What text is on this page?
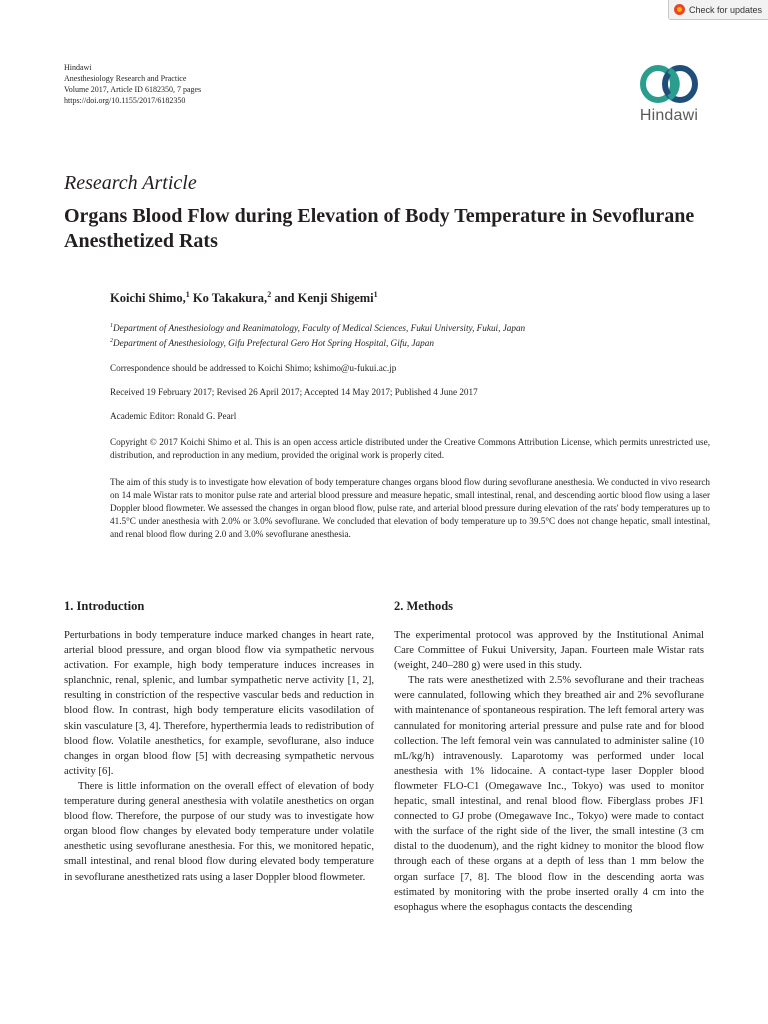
Check for updates
Hindawi
Anesthesiology Research and Practice
Volume 2017, Article ID 6182350, 7 pages
https://doi.org/10.1155/2017/6182350
Hindawi
Research Article
Organs Blood Flow during Elevation of Body Temperature in Sevoflurane Anesthetized Rats
Koichi Shimo,$^1$ Ko Takakura,$^2$ and Kenji Shigemi$^1$
$^1$Department of Anesthesiology and Reanimatology, Faculty of Medical Sciences, Fukui University, Fukui, Japan
$^2$Department of Anesthesiology, Gifu Prefectural Gero Hot Spring Hospital, Gifu, Japan
Correspondence should be addressed to Koichi Shimo; kshimo@u-fukui.ac.jp
Received 19 February 2017; Revised 26 April 2017; Accepted 14 May 2017; Published 4 June 2017
Academic Editor: Ronald G. Pearl
Copyright © 2017 Koichi Shimo et al. This is an open access article distributed under the Creative Commons Attribution License, which permits unrestricted use, distribution, and reproduction in any medium, provided the original work is properly cited.
The aim of this study is to investigate how elevation of body temperature changes organs blood flow during sevoflurane anesthesia. We conducted in vivo research on 14 male Wistar rats to monitor pulse rate and arterial blood pressure and measure hepatic, small intestinal, renal, and descending aortic blood flow using a laser Doppler blood flowmeter. We assessed the changes in organ blood flow, pulse rate, and arterial blood pressure during elevation of the rats' body temperatures up to 41.5°C under anesthesia with 2.0% or 3.0% sevoflurane. We concluded that elevation of body temperature up to 39.5°C does not change hepatic, small intestinal, and renal blood flow during 2.0 and 3.0% sevoflurane anesthesia.
1. Introduction	2. Methods

Perturbations in body temperature induce marked changes in heart rate, arterial blood pressure, and organ blood flow via sympathetic nervous activation. For example, high body temperature induces increases in splanchnic, renal, splenic, and lumbar sympathetic nerve activity [1, 2], resulting in constriction of the respective vascular beds and reduction in blood flow. In contrast, high body temperature elicits vasodilation of skin vasculature [3, 4]. Therefore, hyperthermia leads to redistribution of blood flow. Volatile anesthetics, for example, sevoflurane, also induce changes in organ blood flow [5] with decreasing sympathetic nervous activity [6].

There is little information on the overall effect of elevation of body temperature during general anesthesia with volatile anesthetics on organ blood flow. Therefore, the purpose of our study was to investigate how organ blood flow changes by elevated body temperature under volatile anesthetic using sevoflurane anesthesia. For this, we monitored hepatic, small intestinal, and renal blood flow during elevated body temperature in sevoflurane anesthetized rats using a laser Doppler blood flowmeter.

The experimental protocol was approved by the Institutional Animal Care Committee of Fukui University, Japan. Fourteen male Wistar rats (weight, 240–280 g) were used in this study.

The rats were anesthetized with 2.5% sevoflurane and their tracheas were cannulated, following which they breathed air and 2% sevoflurane with maintenance of spontaneous respiration. The left femoral artery was cannulated for monitoring arterial pressure and pulse rate and for blood collection. The left femoral vein was cannulated to administer saline (10 mL/kg/h) intravenously. Laparotomy was performed under local anesthesia with 1% lidocaine. A contact-type laser Doppler blood flowmeter FLO-C1 (Omegawave Inc., Tokyo) was used to monitor hepatic, small intestinal, and renal blood flow. Fiberglass probes JF1 connected to GJ probe (Omegawave Inc., Tokyo) were made to contact with the surface of the right side of the liver, the small intestine (3 cm distal to the duodenum), and the right kidney to monitor the blood flow through each of these organs at a depth of less than 1 mm below the organ surface [7, 8]. The blood flow in the descending aorta was estimated by monitoring with the probe inserted orally 4 cm into the esophagus where the esophagus contacts the descending
